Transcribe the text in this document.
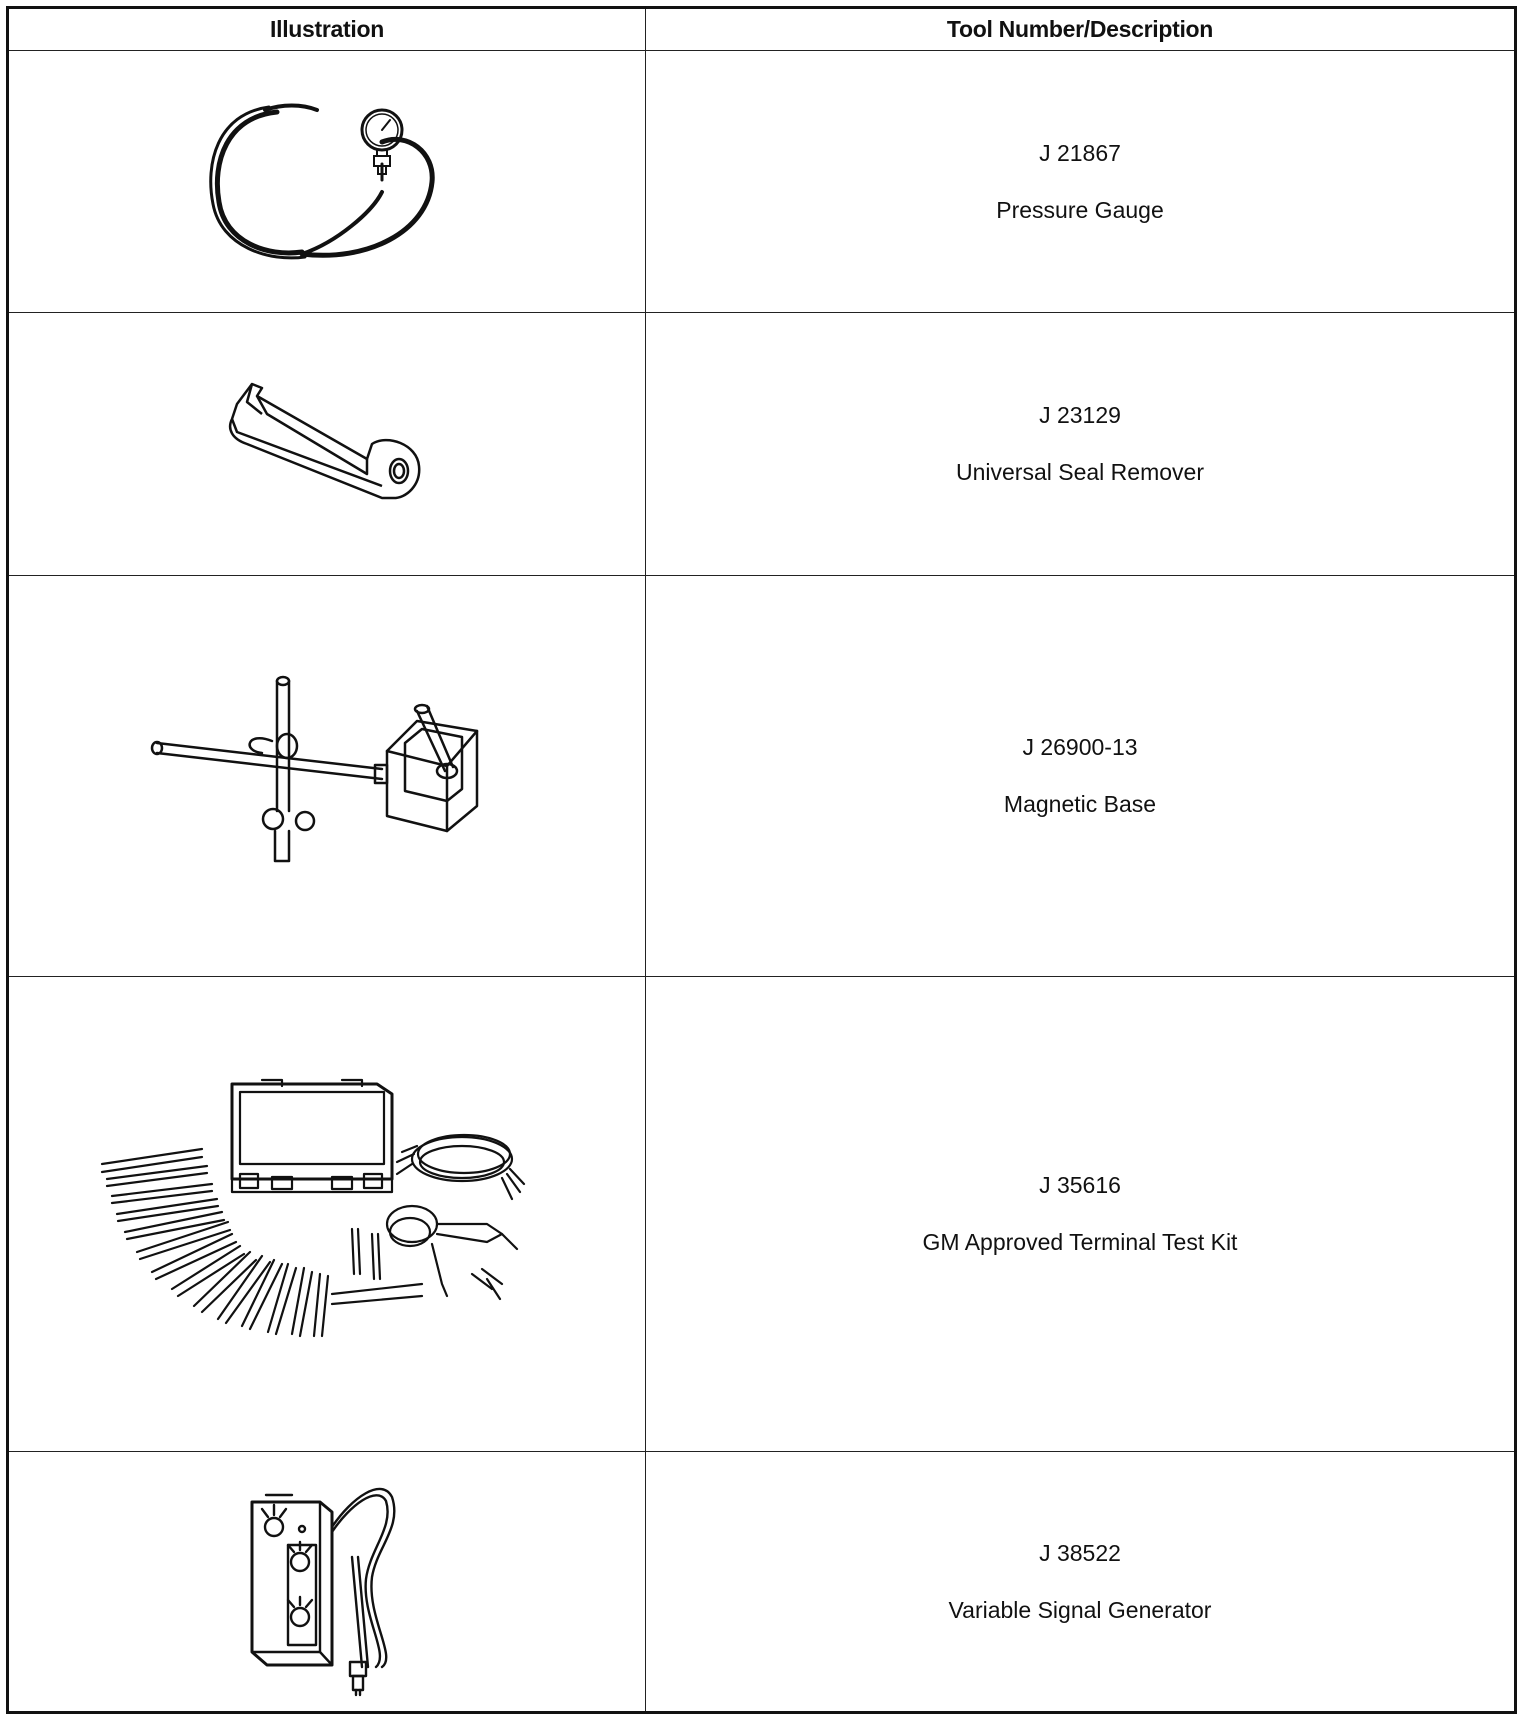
Illustration	Tool Number/Description

J 21867
Pressure Gauge

J 23129
Universal Seal Remover

J 26900-13
Magnetic Base

J 35616
GM Approved Terminal Test Kit

J 38522
Variable Signal Generator
